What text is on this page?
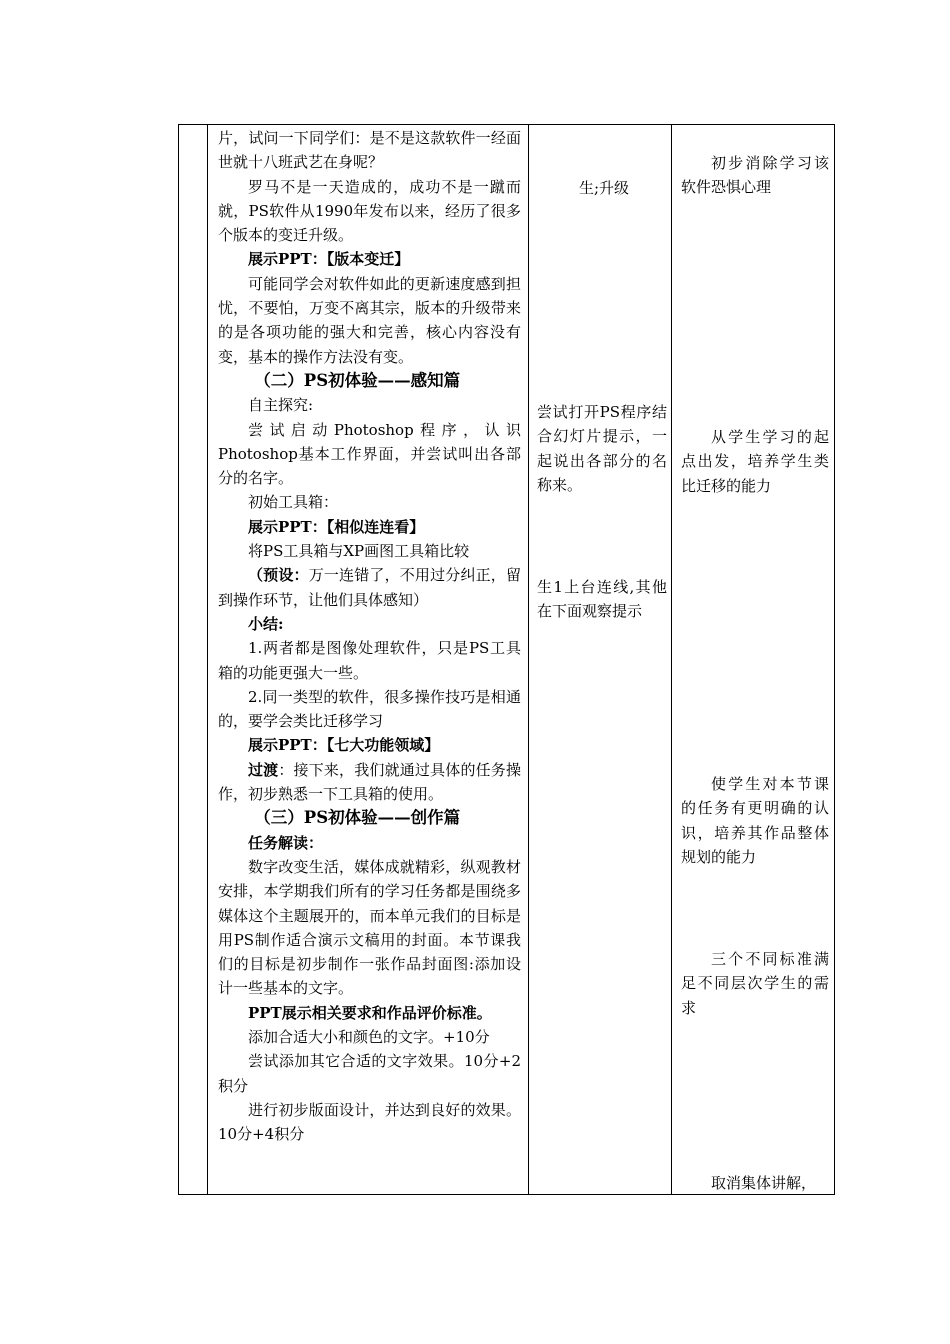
片，试问一下同学们：是不是这款软件一经面世就十八班武艺在身呢？

罗马不是一天造成的，成功不是一蹴而就，PS软件从1990年发布以来，经历了很多个版本的变迁升级。

展示PPT：【版本变迁】

可能同学会对软件如此的更新速度感到担忧，不要怕，万变不离其宗，版本的升级带来的是各项功能的强大和完善，核心内容没有变，基本的操作方法没有变。

（二）PS初体验——感知篇

自主探究:

尝试启动Photoshop程序，认识Photoshop基本工作界面，并尝试叫出各部分的名字。

初始工具箱：

展示PPT：【相似连连看】

将PS工具箱与XP画图工具箱比较

（预设：万一连错了，不用过分纠正，留到操作环节，让他们具体感知）

小结:

1.两者都是图像处理软件，只是PS工具箱的功能更强大一些。

2.同一类型的软件，很多操作技巧是相通的，要学会类比迁移学习

展示PPT：【七大功能领域】

过渡：接下来，我们就通过具体的任务操作，初步熟悉一下工具箱的使用。

（三）PS初体验——创作篇

任务解读：

数字改变生活，媒体成就精彩，纵观教材安排，本学期我们所有的学习任务都是围绕多媒体这个主题展开的，而本单元我们的目标是用PS制作适合演示文稿用的封面。本节课我们的目标是初步制作一张作品封面图:添加设计一些基本的文字。

PPT展示相关要求和作品评价标准。

添加合适大小和颜色的文字。+10分

尝试添加其它合适的文字效果。10分+2积分

进行初步版面设计，并达到良好的效果。10分+4积分

生;升级

尝试打开PS程序结合幻灯片提示，一起说出各部分的名称来。

生1上台连线,其他在下面观察提示

初步消除学习该软件恐惧心理

从学生学习的起点出发，培养学生类比迁移的能力

使学生对本节课的任务有更明确的认识，培养其作品整体规划的能力

三个不同标准满足不同层次学生的需求

取消集体讲解，
